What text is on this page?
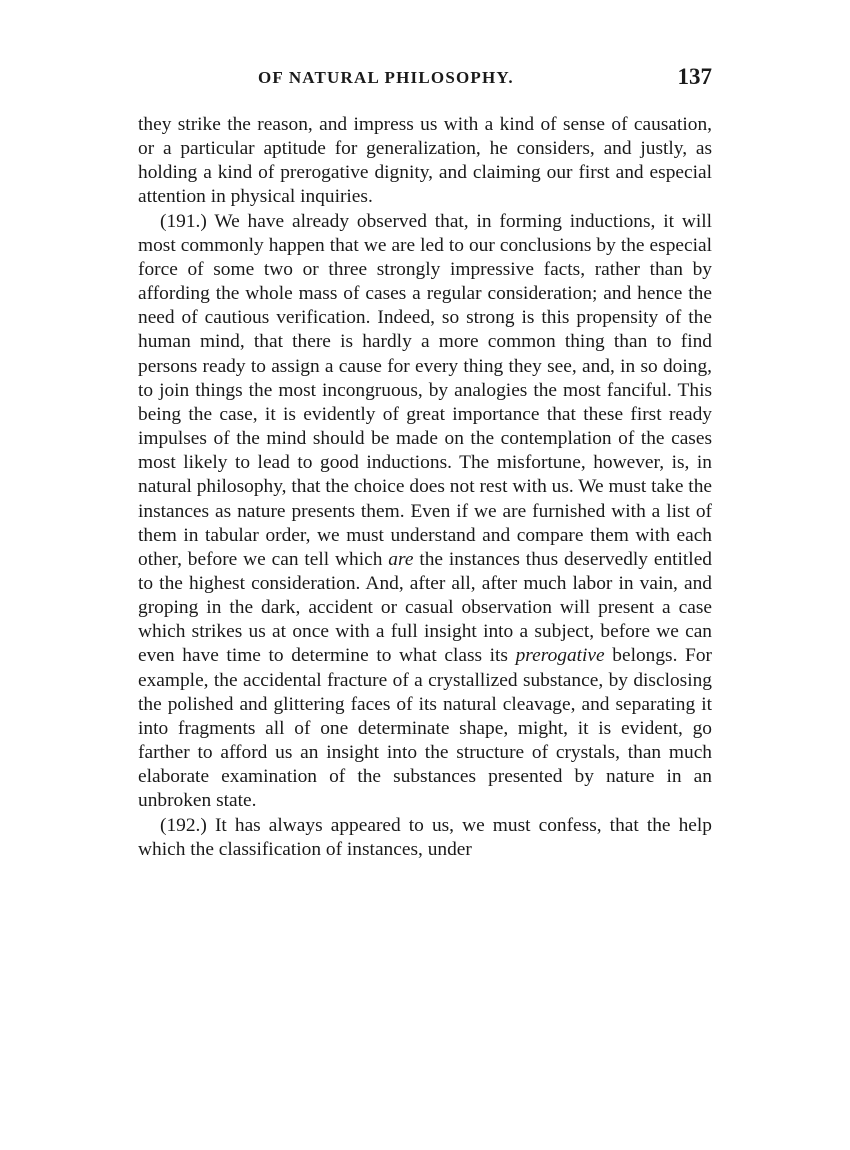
OF NATURAL PHILOSOPHY.	137

they strike the reason, and impress us with a kind of sense of causation, or a particular aptitude for generalization, he considers, and justly, as holding a kind of prerogative dignity, and claiming our first and especial attention in physical inquiries.

(191.) We have already observed that, in forming inductions, it will most commonly happen that we are led to our conclusions by the especial force of some two or three strongly impressive facts, rather than by affording the whole mass of cases a regular consideration; and hence the need of cautious verification. Indeed, so strong is this propensity of the human mind, that there is hardly a more common thing than to find persons ready to assign a cause for every thing they see, and, in so doing, to join things the most incongruous, by analogies the most fanciful. This being the case, it is evidently of great importance that these first ready impulses of the mind should be made on the contemplation of the cases most likely to lead to good inductions. The misfortune, however, is, in natural philosophy, that the choice does not rest with us. We must take the instances as nature presents them. Even if we are furnished with a list of them in tabular order, we must understand and compare them with each other, before we can tell which are the instances thus deservedly entitled to the highest consideration. And, after all, after much labor in vain, and groping in the dark, accident or casual observation will present a case which strikes us at once with a full insight into a subject, before we can even have time to determine to what class its prerogative belongs. For example, the accidental fracture of a crystallized substance, by disclosing the polished and glittering faces of its natural cleavage, and separating it into fragments all of one determinate shape, might, it is evident, go farther to afford us an insight into the structure of crystals, than much elaborate examination of the substances presented by nature in an unbroken state.

(192.) It has always appeared to us, we must confess, that the help which the classification of instances, under
